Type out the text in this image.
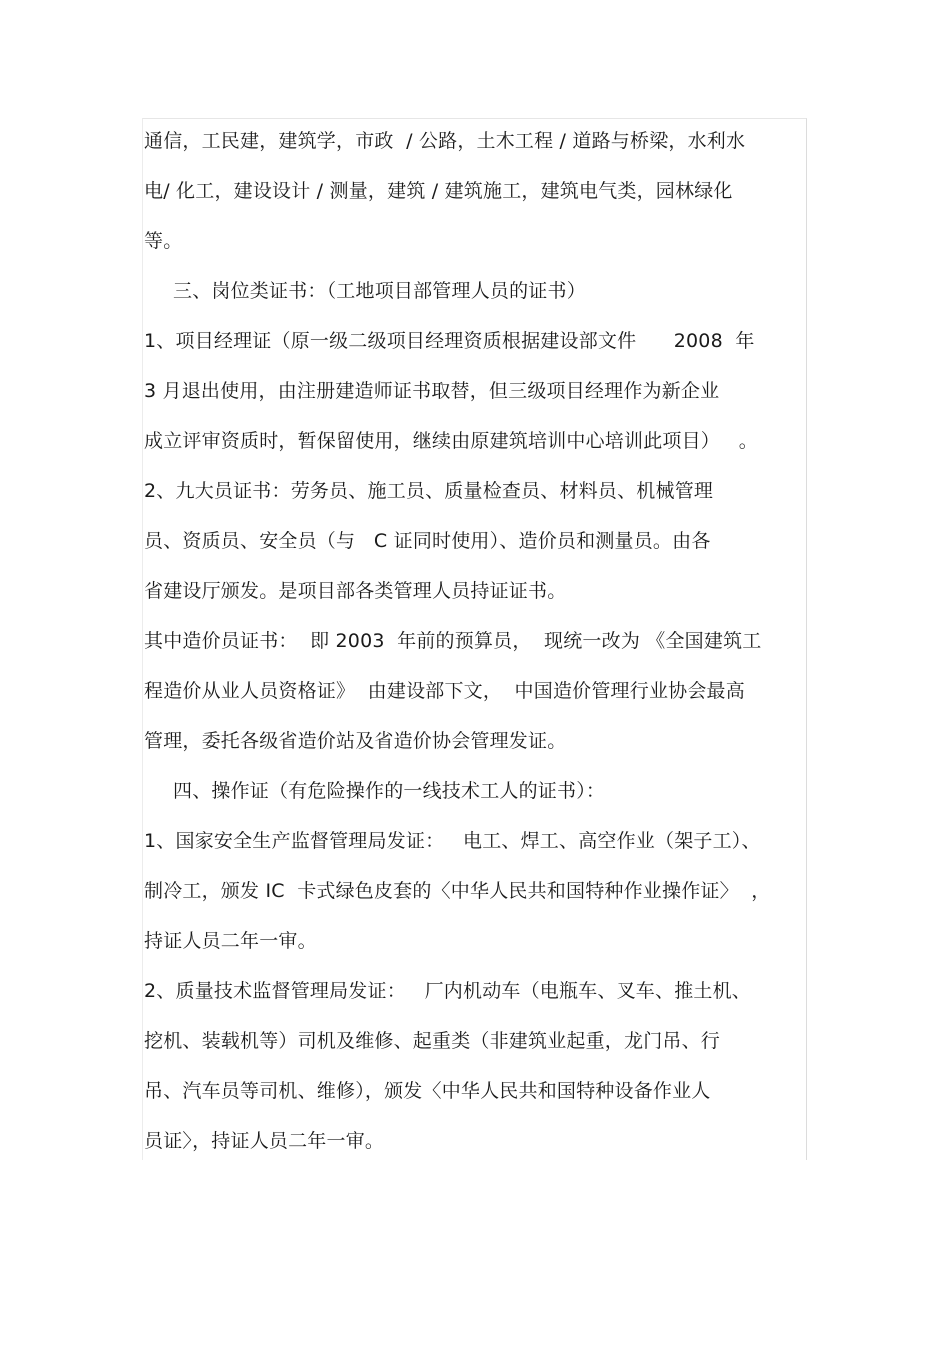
通信，工民建，建筑学，市政  / 公路，土木工程 / 道路与桥梁，水利水
电/ 化工，建设设计 / 测量，建筑 / 建筑施工，建筑电气类，园林绿化
等。
三、岗位类证书：（工地项目部管理人员的证书）
1、项目经理证（原一级二级项目经理资质根据建设部文件      2008  年
3 月退出使用，由注册建造师证书取替，但三级项目经理作为新企业
成立评审资质时，暂保留使用，继续由原建筑培训中心培训此项目）   。
2、九大员证书：劳务员、施工员、质量检查员、材料员、机械管理
员、资质员、安全员（与   C 证同时使用）、造价员和测量员。由各
省建设厅颁发。是项目部各类管理人员持证证书。
其中造价员证书：  即 2003  年前的预算员，  现统一改为 《全国建筑工
程造价从业人员资格证》  由建设部下文，  中国造价管理行业协会最高
管理，委托各级省造价站及省造价协会管理发证。
四、操作证（有危险操作的一线技术工人的证书）：
1、国家安全生产监督管理局发证：   电工、焊工、高空作业（架子工）、
制冷工，颁发 IC  卡式绿色皮套的〈中华人民共和国特种作业操作证〉  ，
持证人员二年一审。
2、质量技术监督管理局发证：   厂内机动车（电瓶车、叉车、推土机、
挖机、装载机等）司机及维修、起重类（非建筑业起重，龙门吊、行
吊、汽车员等司机、维修），颁发〈中华人民共和国特种设备作业人
员证〉，持证人员二年一审。
